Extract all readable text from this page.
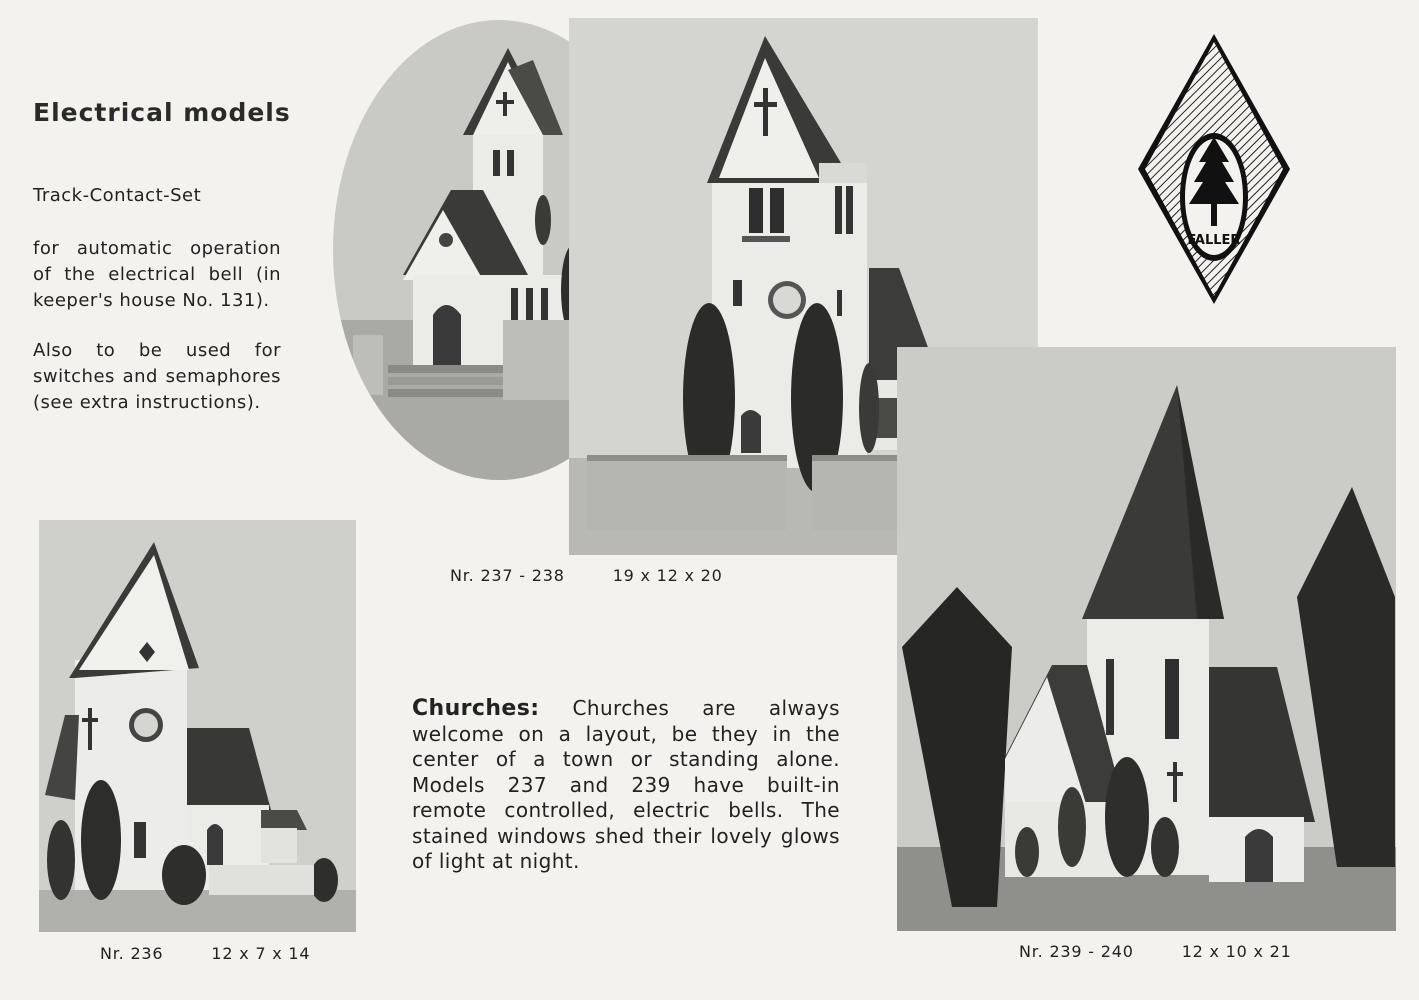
Electrical models
Track-Contact-Set
for automatic operation of the electrical bell (in keeper's house No. 131).
Also to be used for switches and semaphores (see extra instructions).
FALLER
Nr. 237 - 238	19 x 12 x 20
Nr. 236	12 x 7 x 14
Churches: Churches are always welcome on a layout, be they in the center of a town or standing alone. Models 237 and 239 have built-in remote controlled, electric bells. The stained windows shed their lovely glows of light at night.
Nr. 239 - 240	12 x 10 x 21
